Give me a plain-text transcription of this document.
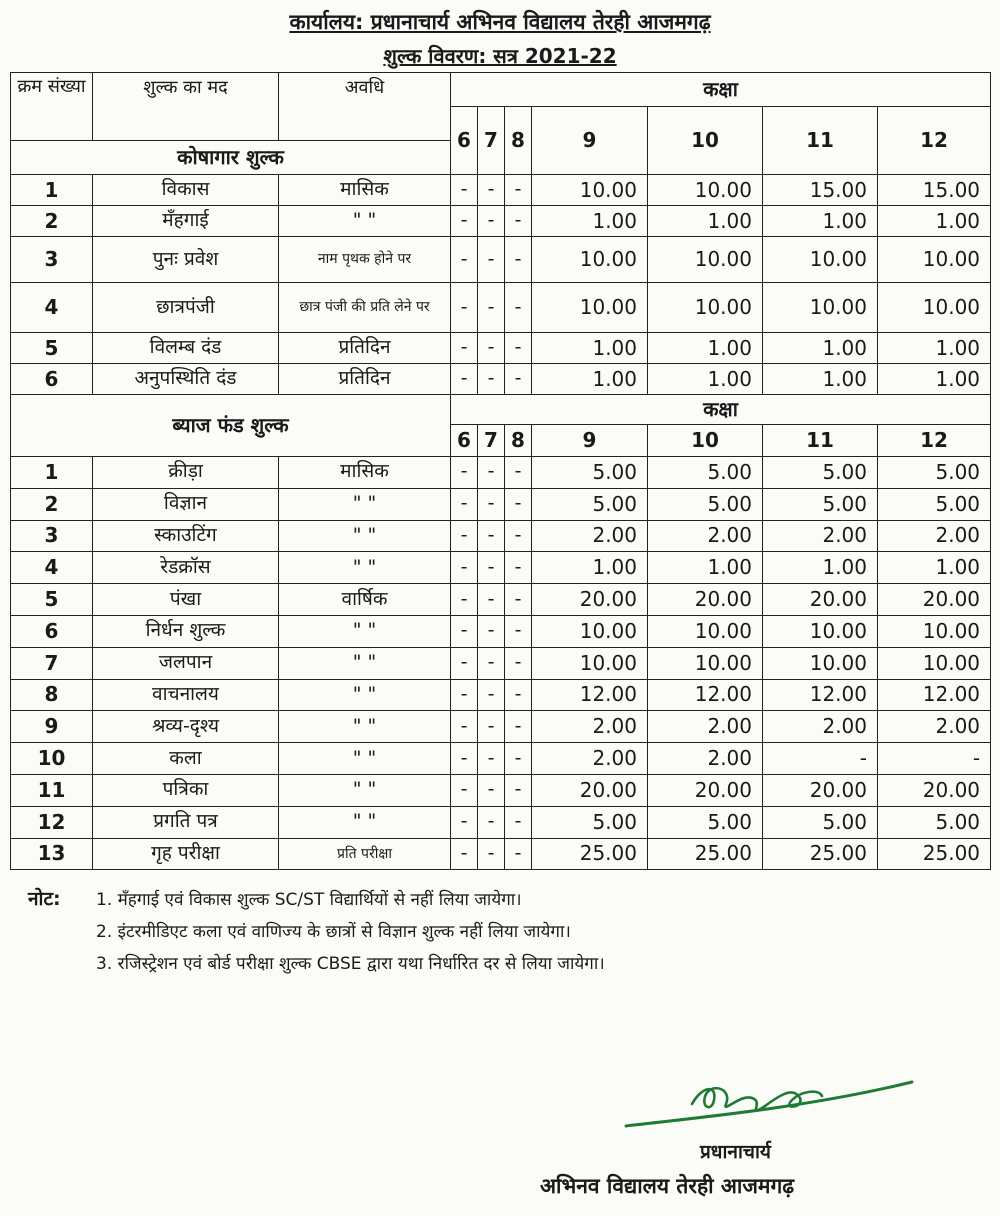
कार्यालय: प्रधानाचार्य अभिनव विद्यालय तेरही आजमगढ़
शुल्क विवरण: सत्र 2021-22
क्रम संख्या	शुल्क का मद	अवधि	कक्षा						
			6	7	8	9	10	11	12
कोषागार शुल्क									
1	विकास	मासिक	-	-	-	10.00	10.00	15.00	15.00
2	मँहगाई	" "	-	-	-	1.00	1.00	1.00	1.00
3	पुनः प्रवेश	नाम पृथक होने पर	-	-	-	10.00	10.00	10.00	10.00
4	छात्रपंजी	छात्र पंजी की प्रति लेने पर	-	-	-	10.00	10.00	10.00	10.00
5	विलम्ब दंड	प्रतिदिन	-	-	-	1.00	1.00	1.00	1.00
6	अनुपस्थिति दंड	प्रतिदिन	-	-	-	1.00	1.00	1.00	1.00
ब्याज फंड शुल्क			कक्षा						
			6	7	8	9	10	11	12
1	क्रीड़ा	मासिक	-	-	-	5.00	5.00	5.00	5.00
2	विज्ञान	" "	-	-	-	5.00	5.00	5.00	5.00
3	स्काउटिंग	" "	-	-	-	2.00	2.00	2.00	2.00
4	रेडक्रॉस	" "	-	-	-	1.00	1.00	1.00	1.00
5	पंखा	वार्षिक	-	-	-	20.00	20.00	20.00	20.00
6	निर्धन शुल्क	" "	-	-	-	10.00	10.00	10.00	10.00
7	जलपान	" "	-	-	-	10.00	10.00	10.00	10.00
8	वाचनालय	" "	-	-	-	12.00	12.00	12.00	12.00
9	श्रव्य-दृश्य	" "	-	-	-	2.00	2.00	2.00	2.00
10	कला	" "	-	-	-	2.00	2.00	-	-
11	पत्रिका	" "	-	-	-	20.00	20.00	20.00	20.00
12	प्रगति पत्र	" "	-	-	-	5.00	5.00	5.00	5.00
13	गृह परीक्षा	प्रति परीक्षा	-	-	-	25.00	25.00	25.00	25.00
नोट:	1. मँहगाई एवं विकास शुल्क SC/ST विद्यार्थियों से नहीं लिया जायेगा।
2. इंटरमीडिएट कला एवं वाणिज्य के छात्रों से विज्ञान शुल्क नहीं लिया जायेगा।
3. रजिस्ट्रेशन एवं बोर्ड परीक्षा शुल्क CBSE द्वारा यथा निर्धारित दर से लिया जायेगा।
प्रधानाचार्य
अभिनव विद्यालय तेरही आजमगढ़
